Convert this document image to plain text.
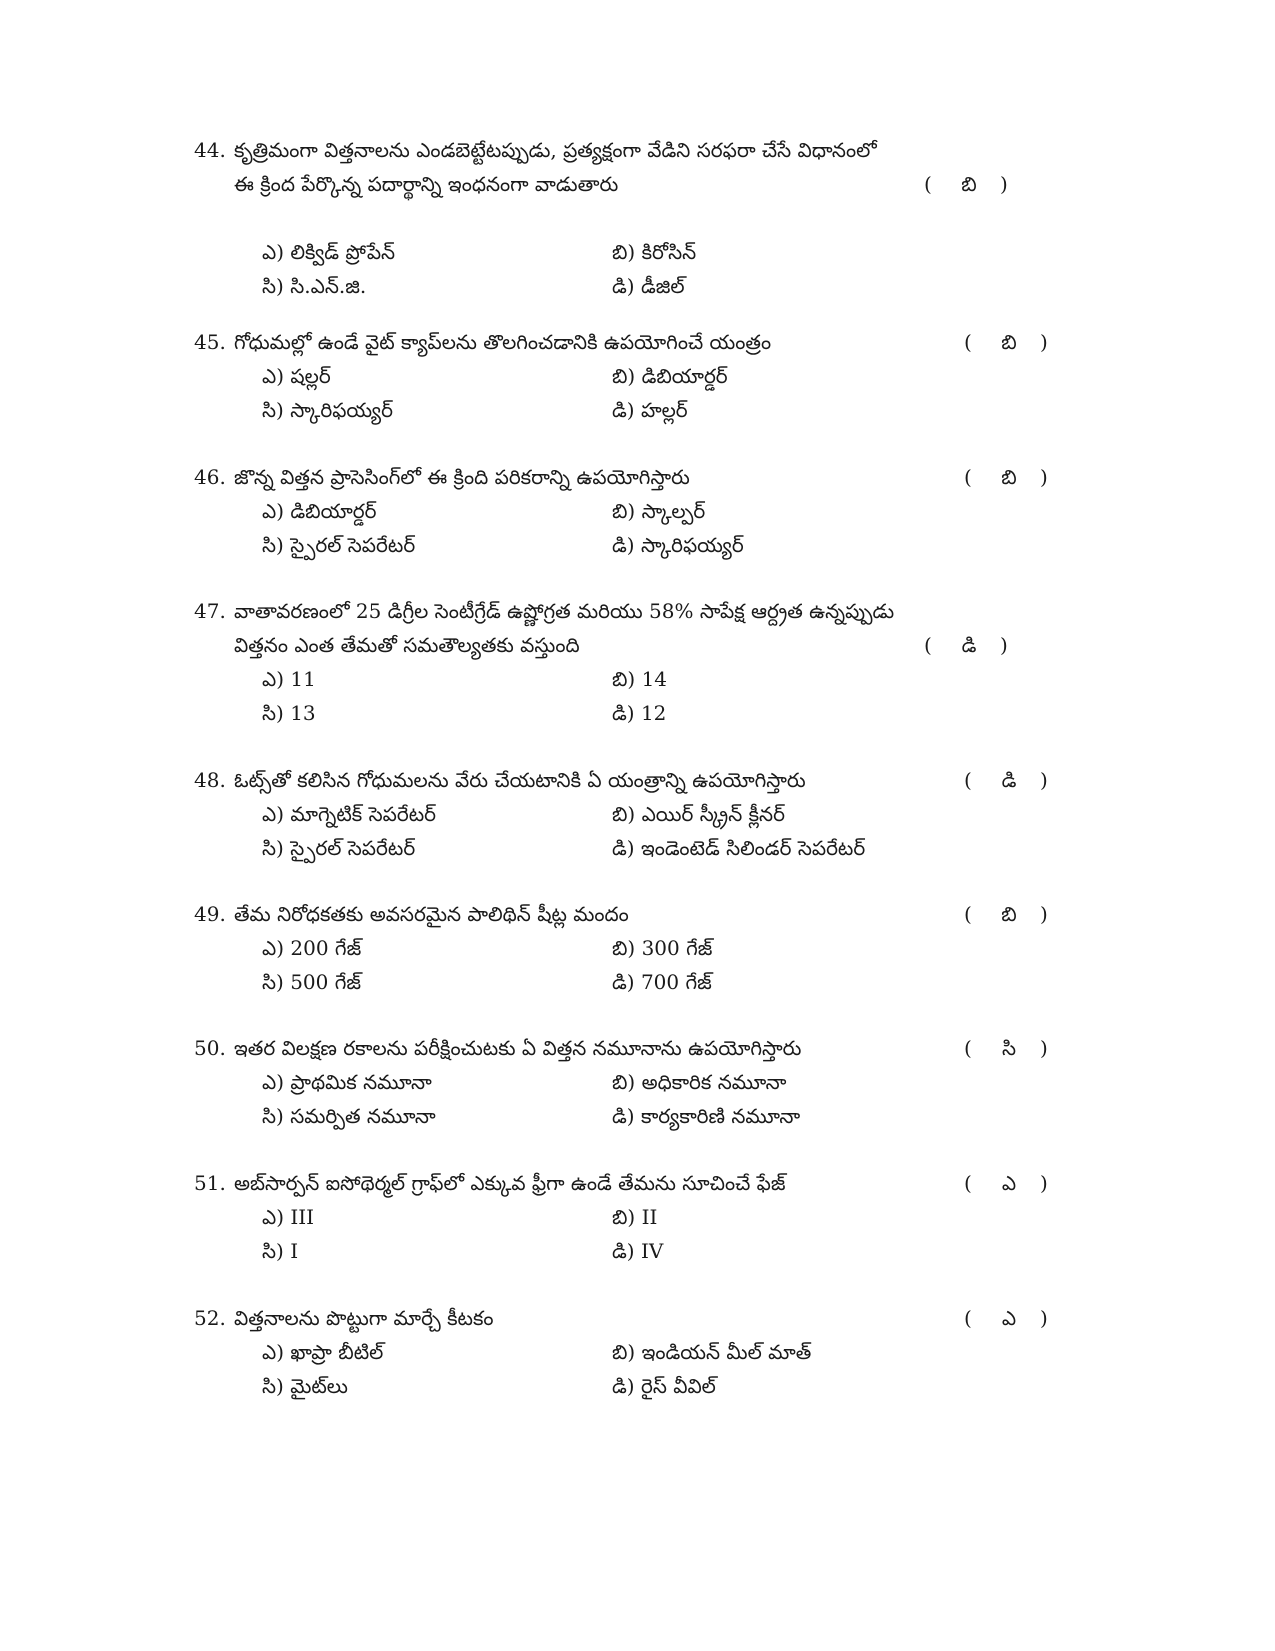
44. కృత్రిమంగా విత్తనాలను ఎండబెట్టేటప్పుడు, ప్రత్యక్షంగా వేడిని సరఫరా చేసే విధానంలో
ఈ క్రింద పేర్కొన్న పదార్థాన్ని ఇంధనంగా వాడుతారు	(	బి	)
ఎ) లిక్విడ్ ప్రోపేన్	బి) కిరోసిన్
సి) సి.ఎన్.జి.	డి) డీజిల్
45. గోధుమల్లో ఉండే వైట్ క్యాప్‌లను తొలగించడానికి ఉపయోగించే యంత్రం	(	బి	)
ఎ) షల్లర్	బి) డిబియార్డర్
సి) స్కారిఫయ్యర్	డి) హల్లర్
46. జొన్న విత్తన ప్రాసెసింగ్‌లో ఈ క్రింది పరికరాన్ని ఉపయోగిస్తారు	(	బి	)
ఎ) డిబియార్డర్	బి) స్కాల్పర్
సి) స్పైరల్ సెపరేటర్	డి) స్కారిఫయ్యర్
47. వాతావరణంలో 25 డిగ్రీల సెంటీగ్రేడ్ ఉష్ణోగ్రత మరియు 58% సాపేక్ష ఆర్ద్రత ఉన్నప్పుడు
విత్తనం ఎంత తేమతో సమతౌల్యతకు వస్తుంది	(	డి	)
ఎ) 11	బి) 14
సి) 13	డి) 12
48. ఓట్స్‌తో కలిసిన గోధుమలను వేరు చేయటానికి ఏ యంత్రాన్ని ఉపయోగిస్తారు	(	డి	)
ఎ) మాగ్నెటిక్ సెపరేటర్	బి) ఎయిర్ స్క్రీన్ క్లీనర్
సి) స్పైరల్ సెపరేటర్	డి) ఇండెంటెడ్ సిలిండర్ సెపరేటర్
49. తేమ నిరోధకతకు అవసరమైన పాలిథిన్ షీట్ల మందం	(	బి	)
ఎ) 200 గేజ్	బి) 300 గేజ్
సి) 500 గేజ్	డి) 700 గేజ్
50. ఇతర విలక్షణ రకాలను పరీక్షించుటకు ఏ విత్తన నమూనాను ఉపయోగిస్తారు	(	సి	)
ఎ) ప్రాథమిక నమూనా	బి) అధికారిక నమూనా
సి) సమర్పిత నమూనా	డి) కార్యకారిణి నమూనా
51. అబ్‌సార్పన్ ఐసోథెర్మల్ గ్రాఫ్‌లో ఎక్కువ ఫ్రీగా ఉండే తేమను సూచించే ఫేజ్	(	ఎ	)
ఎ) III	బి) II
సి) I	డి) IV
52. విత్తనాలను పొట్టుగా మార్చే కీటకం	(	ఎ	)
ఎ) ఖాప్రా బీటిల్	బి) ఇండియన్ మీల్ మాత్
సి) మైట్‌లు	డి) రైస్ వీవిల్
